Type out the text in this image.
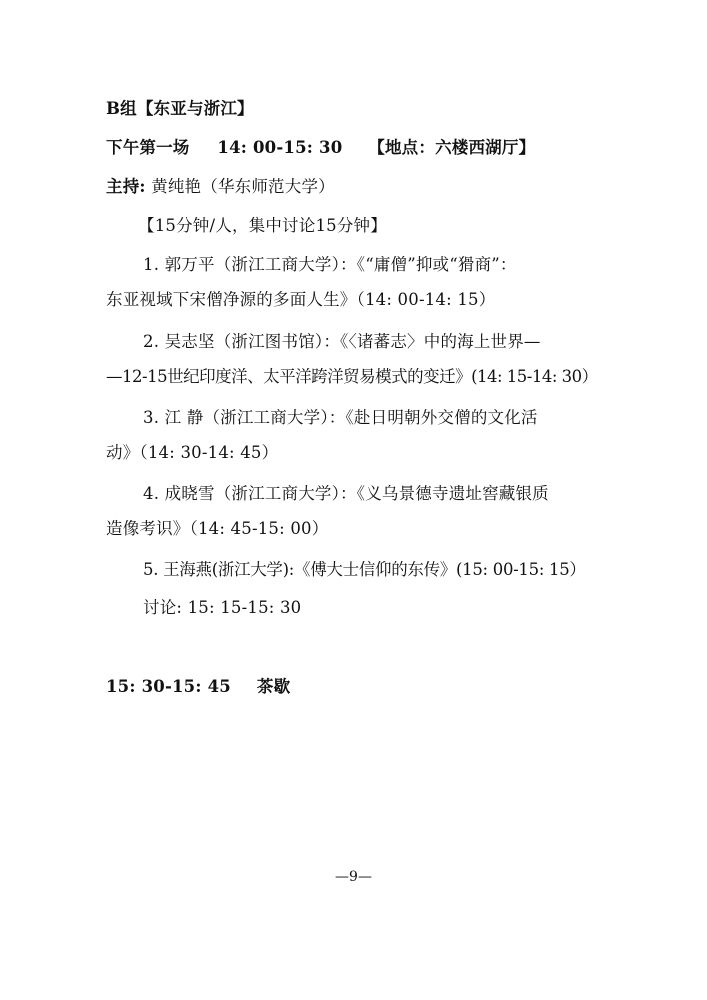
B组【东亚与浙江】
下午第一场 14: 00-15: 30 【地点：六楼西湖厅】
主持: 黄纯艳（华东师范大学）
【15分钟/人，集中讨论15分钟】
1. 郭万平（浙江工商大学）：《“庸僧”抑或“猾商”：
东亚视域下宋僧净源的多面人生》（14: 00-14: 15）
2. 吴志坚（浙江图书馆）：《〈诸蕃志〉中的海上世界—
—12-15世纪印度洋、太平洋跨洋贸易模式的变迁》(14: 15-14: 30）
3. 江 静（浙江工商大学）：《赴日明朝外交僧的文化活
动》（14: 30-14: 45）
4. 成晓雪（浙江工商大学）：《义乌景德寺遗址窖藏银质
造像考识》（14: 45-15: 00）
5. 王海燕(浙江大学):《傅大士信仰的东传》(15: 00-15: 15）
讨论: 15: 15-15: 30
15: 30-15: 45 茶歇
—9—
